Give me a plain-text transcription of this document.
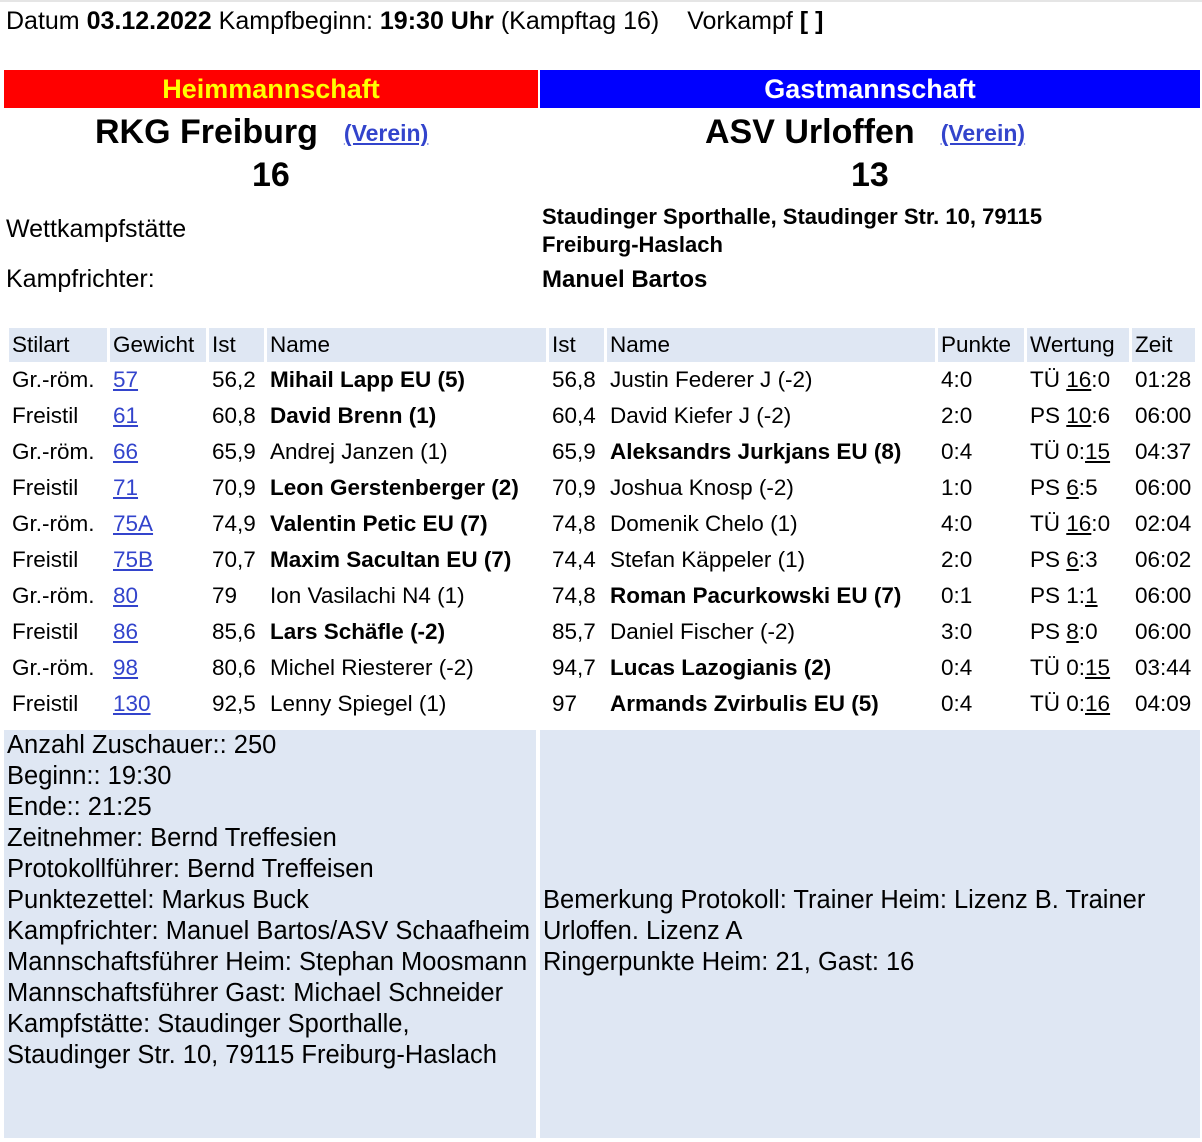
Datum 03.12.2022 Kampfbeginn: 19:30 Uhr (Kampftag 16) Vorkampf [ ]
Heimmannschaft	Gastmannschaft
RKG Freiburg (Verein)	ASV Urloffen (Verein)
16	13
Wettkampfstätte	Staudinger Sporthalle, Staudinger Str. 10, 79115 Freiburg-Haslach
Kampfrichter:	Manuel Bartos
Stilart	Gewicht	Ist	Name	Ist	Name	Punkte	Wertung	Zeit
Gr.-röm.	57	56,2	Mihail Lapp EU (5)	56,8	Justin Federer J (-2)	4:0	TÜ 16:0	01:28
Freistil	61	60,8	David Brenn (1)	60,4	David Kiefer J (-2)	2:0	PS 10:6	06:00
Gr.-röm.	66	65,9	Andrej Janzen (1)	65,9	Aleksandrs Jurkjans EU (8)	0:4	TÜ 0:15	04:37
Freistil	71	70,9	Leon Gerstenberger (2)	70,9	Joshua Knosp (-2)	1:0	PS 6:5	06:00
Gr.-röm.	75A	74,9	Valentin Petic EU (7)	74,8	Domenik Chelo (1)	4:0	TÜ 16:0	02:04
Freistil	75B	70,7	Maxim Sacultan EU (7)	74,4	Stefan Käppeler (1)	2:0	PS 6:3	06:02
Gr.-röm.	80	79	Ion Vasilachi N4 (1)	74,8	Roman Pacurkowski EU (7)	0:1	PS 1:1	06:00
Freistil	86	85,6	Lars Schäfle (-2)	85,7	Daniel Fischer (-2)	3:0	PS 8:0	06:00
Gr.-röm.	98	80,6	Michel Riesterer (-2)	94,7	Lucas Lazogianis (2)	0:4	TÜ 0:15	03:44
Freistil	130	92,5	Lenny Spiegel (1)	97	Armands Zvirbulis EU (5)	0:4	TÜ 0:16	04:09
Anzahl Zuschauer:: 250
Beginn:: 19:30
Ende:: 21:25
Zeitnehmer: Bernd Treffesien
Protokollführer: Bernd Treffeisen
Punktezettel: Markus Buck
Kampfrichter: Manuel Bartos/ASV Schaafheim
Mannschaftsführer Heim: Stephan Moosmann
Mannschaftsführer Gast: Michael Schneider
Kampfstätte: Staudinger Sporthalle, Staudinger Str. 10, 79115 Freiburg-Haslach
Bemerkung Protokoll: Trainer Heim: Lizenz B. Trainer Urloffen. Lizenz A
Ringerpunkte Heim: 21, Gast: 16
